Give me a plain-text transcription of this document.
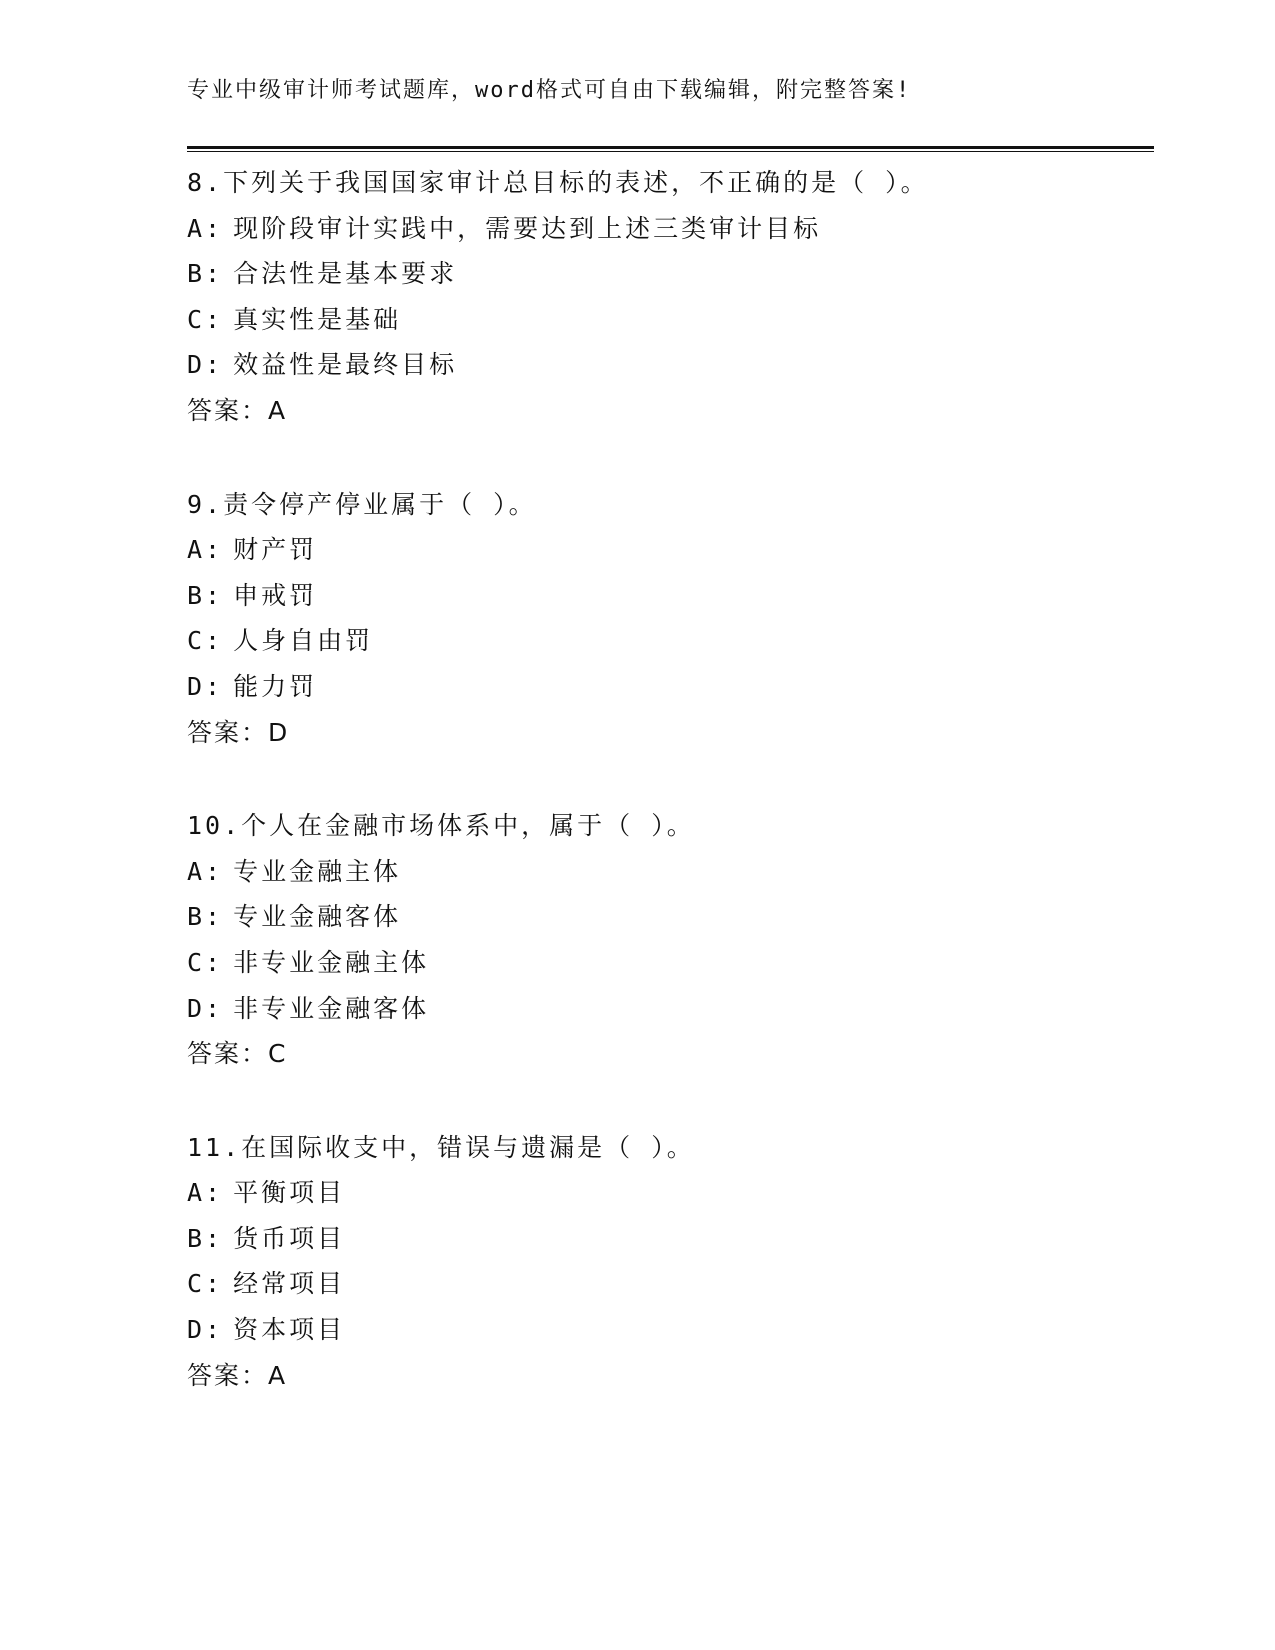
专业中级审计师考试题库，word格式可自由下载编辑，附完整答案!
8. 下列关于我国国家审计总目标的表述，不正确的是（ ）。
A: 现阶段审计实践中，需要达到上述三类审计目标
B: 合法性是基本要求
C: 真实性是基础
D: 效益性是最终目标
答案：A
9. 责令停产停业属于（ ）。
A: 财产罚
B: 申戒罚
C: 人身自由罚
D: 能力罚
答案：D
10. 个人在金融市场体系中，属于（ ）。
A: 专业金融主体
B: 专业金融客体
C: 非专业金融主体
D: 非专业金融客体
答案：C
11. 在国际收支中，错误与遗漏是（ ）。
A: 平衡项目
B: 货币项目
C: 经常项目
D: 资本项目
答案：A
